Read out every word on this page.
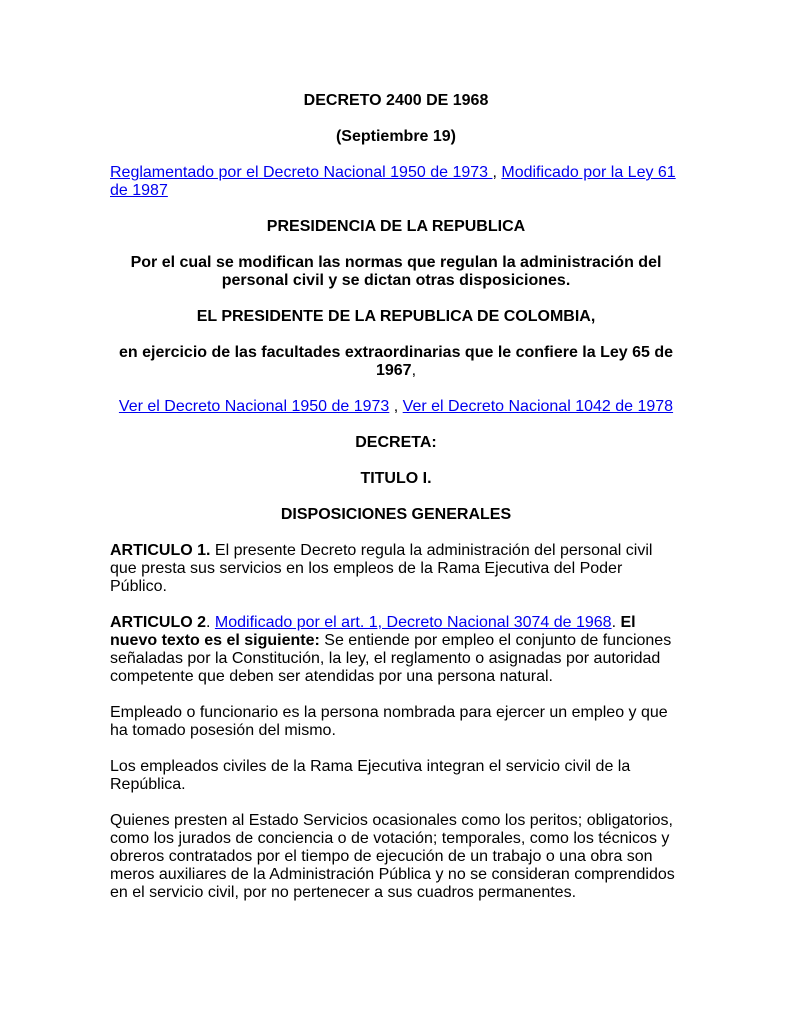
DECRETO 2400 DE 1968

(Septiembre 19)

Reglamentado por el Decreto Nacional 1950 de 1973 , Modificado por la Ley 61 de 1987

PRESIDENCIA DE LA REPUBLICA

Por el cual se modifican las normas que regulan la administración del personal civil y se dictan otras disposiciones.

EL PRESIDENTE DE LA REPUBLICA DE COLOMBIA,

en ejercicio de las facultades extraordinarias que le confiere la Ley 65 de 1967,

Ver el Decreto Nacional 1950 de 1973 , Ver el Decreto Nacional 1042 de 1978

DECRETA:

TITULO I.

DISPOSICIONES GENERALES

ARTICULO 1. El presente Decreto regula la administración del personal civil que presta sus servicios en los empleos de la Rama Ejecutiva del Poder Público.

ARTICULO 2. Modificado por el art. 1, Decreto Nacional 3074 de 1968. El nuevo texto es el siguiente: Se entiende por empleo el conjunto de funciones señaladas por la Constitución, la ley, el reglamento o asignadas por autoridad competente que deben ser atendidas por una persona natural.

Empleado o funcionario es la persona nombrada para ejercer un empleo y que ha tomado posesión del mismo.

Los empleados civiles de la Rama Ejecutiva integran el servicio civil de la República.

Quienes presten al Estado Servicios ocasionales como los peritos; obligatorios, como los jurados de conciencia o de votación; temporales, como los técnicos y obreros contratados por el tiempo de ejecución de un trabajo o una obra son meros auxiliares de la Administración Pública y no se consideran comprendidos en el servicio civil, por no pertenecer a sus cuadros permanentes.
